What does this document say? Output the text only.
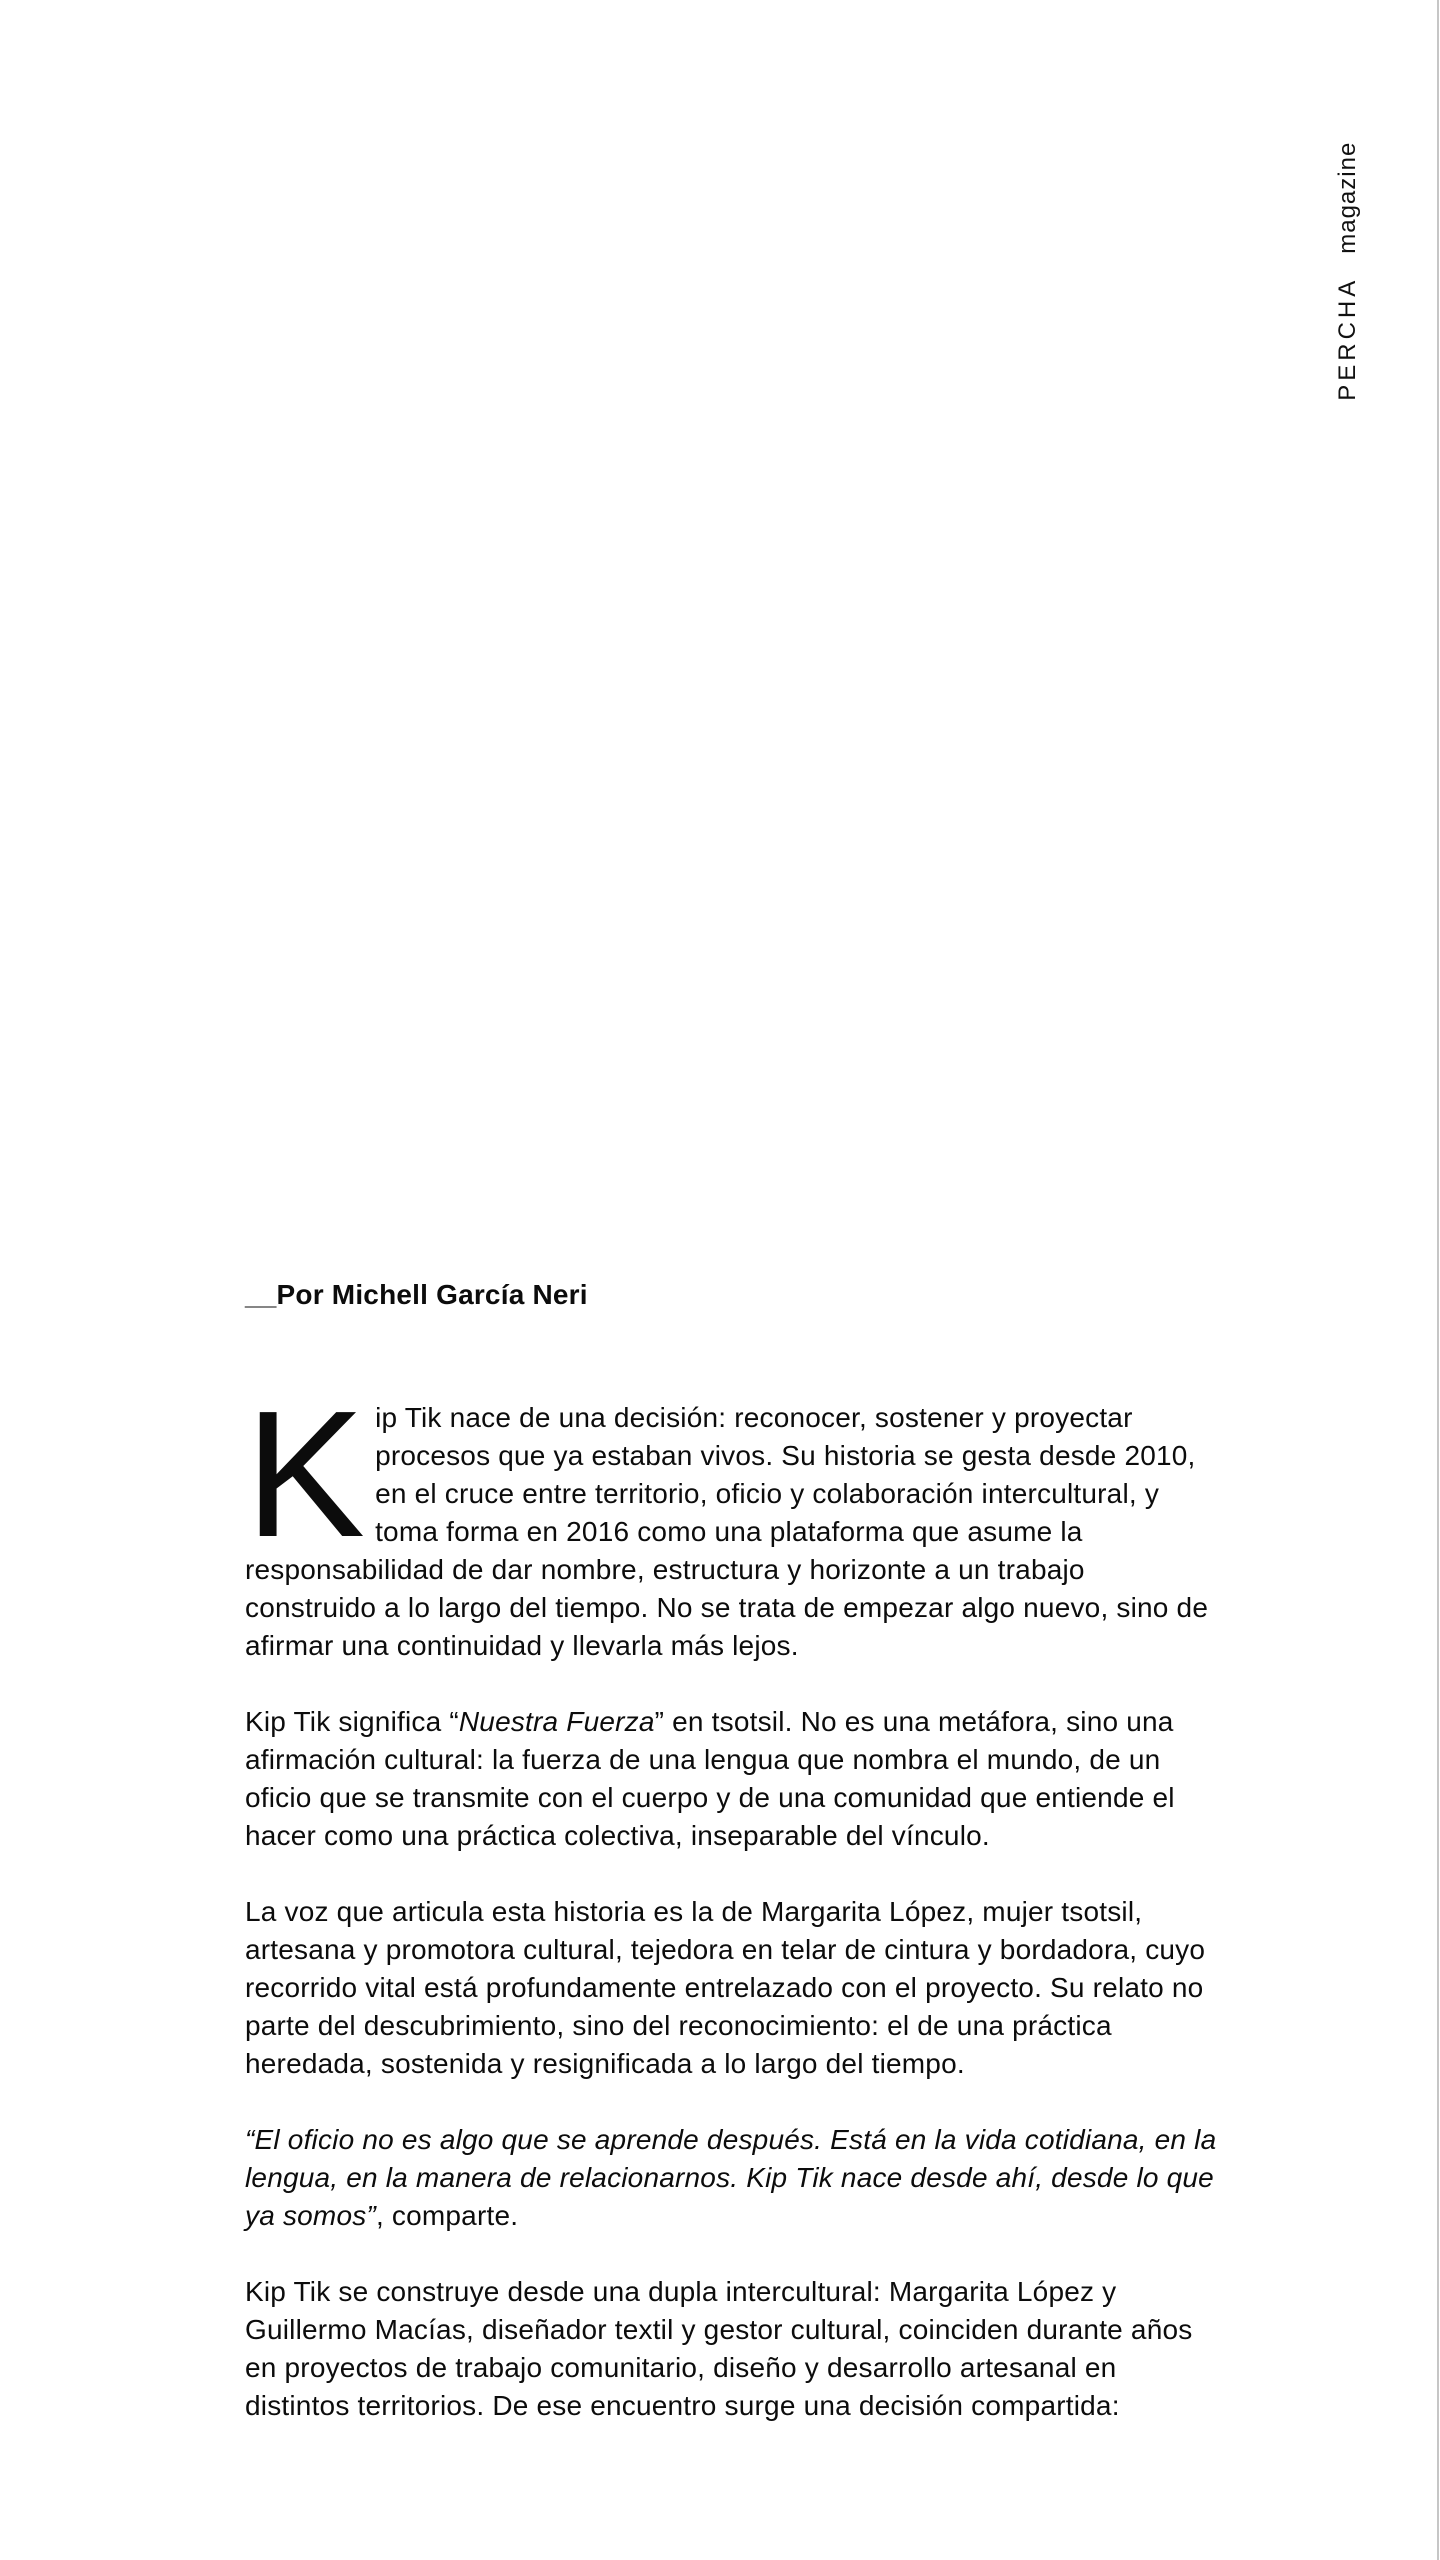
PERCHA magazine
__Por Michell García Neri

Kip Tik nace de una decisión: reconocer, sostener y proyectar procesos que ya estaban vivos. Su historia se gesta desde 2010, en el cruce entre territorio, oficio y colaboración intercultural, y toma forma en 2016 como una plataforma que asume la responsabilidad de dar nombre, estructura y horizonte a un trabajo construido a lo largo del tiempo. No se trata de empezar algo nuevo, sino de afirmar una continuidad y llevarla más lejos.

Kip Tik significa “Nuestra Fuerza” en tsotsil. No es una metáfora, sino una afirmación cultural: la fuerza de una lengua que nombra el mundo, de un oficio que se transmite con el cuerpo y de una comunidad que entiende el hacer como una práctica colectiva, inseparable del vínculo.

La voz que articula esta historia es la de Margarita López, mujer tsotsil, artesana y promotora cultural, tejedora en telar de cintura y bordadora, cuyo recorrido vital está profundamente entrelazado con el proyecto. Su relato no parte del descubrimiento, sino del reconocimiento: el de una práctica heredada, sostenida y resignificada a lo largo del tiempo.

“El oficio no es algo que se aprende después. Está en la vida cotidiana, en la lengua, en la manera de relacionarnos. Kip Tik nace desde ahí, desde lo que ya somos”, comparte.

Kip Tik se construye desde una dupla intercultural: Margarita López y Guillermo Macías, diseñador textil y gestor cultural, coinciden durante años en proyectos de trabajo comunitario, diseño y desarrollo artesanal en distintos territorios. De ese encuentro surge una decisión compartida:
